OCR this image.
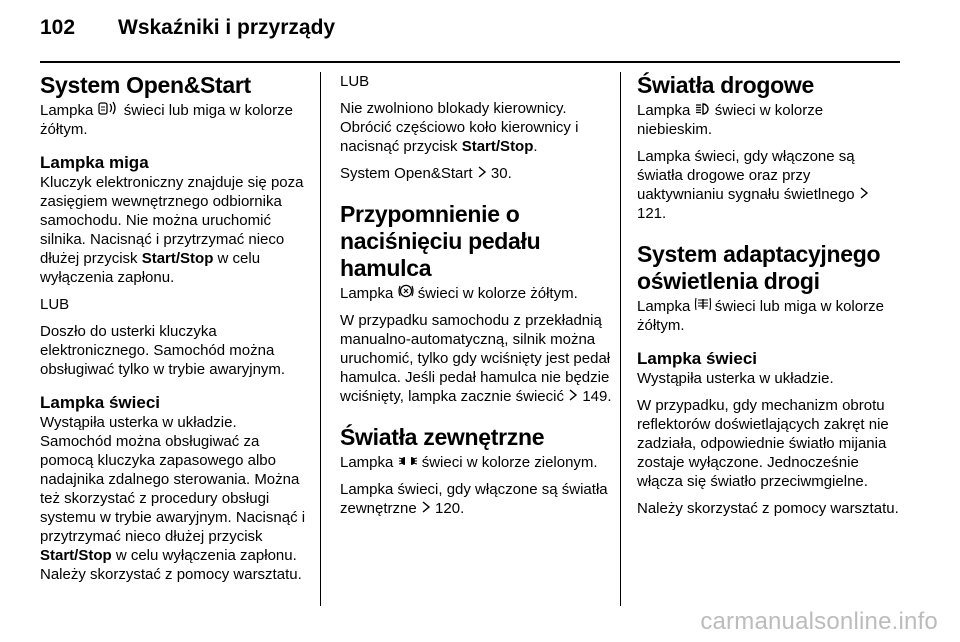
102 Wskaźniki i przyrządy
System Open&Start

Lampka  świeci lub miga w kolorze żółtym.

Lampka miga

Kluczyk elektroniczny znajduje się poza zasięgiem wewnętrznego odbiornika samochodu. Nie można uruchomić silnika. Nacisnąć i przytrzymać nieco dłużej przycisk Start/Stop w celu wyłączenia zapłonu.

LUB

Doszło do usterki kluczyka elektronicznego. Samochód można obsługiwać tylko w trybie awaryjnym.

Lampka świeci

Wystąpiła usterka w układzie. Samochód można obsługiwać za pomocą kluczyka zapasowego albo nadajnika zdalnego sterowania. Można też skorzystać z procedury obsługi systemu w trybie awaryjnym. Nacisnąć i przytrzymać nieco dłużej przycisk Start/Stop w celu wyłączenia zapłonu. Należy skorzystać z pomocy warsztatu.

LUB

Nie zwolniono blokady kierownicy. Obrócić częściowo koło kierownicy i nacisnąć przycisk Start/Stop.

System Open&Start  30.

Przypomnienie o naciśnięciu pedału hamulca

Lampka  świeci w kolorze żółtym.

W przypadku samochodu z przekładnią manualno-automatyczną, silnik można uruchomić, tylko gdy wciśnięty jest pedał hamulca. Jeśli pedał hamulca nie będzie wciśnięty, lampka zacznie świecić  149.

Światła zewnętrzne

Lampka  świeci w kolorze zielonym.

Lampka świeci, gdy włączone są światła zewnętrzne  120.

Światła drogowe

Lampka  świeci w kolorze niebieskim.

Lampka świeci, gdy włączone są światła drogowe oraz przy uaktywnianiu sygnału świetlnego  121.

System adaptacyjnego oświetlenia drogi

Lampka  świeci lub miga w kolorze żółtym.

Lampka świeci

Wystąpiła usterka w układzie.

W przypadku, gdy mechanizm obrotu reflektorów doświetlających zakręt nie zadziała, odpowiednie światło mijania zostaje wyłączone. Jednocześnie włącza się światło przeciwmgielne.

Należy skorzystać z pomocy warsztatu.

carmanualsonline.info
